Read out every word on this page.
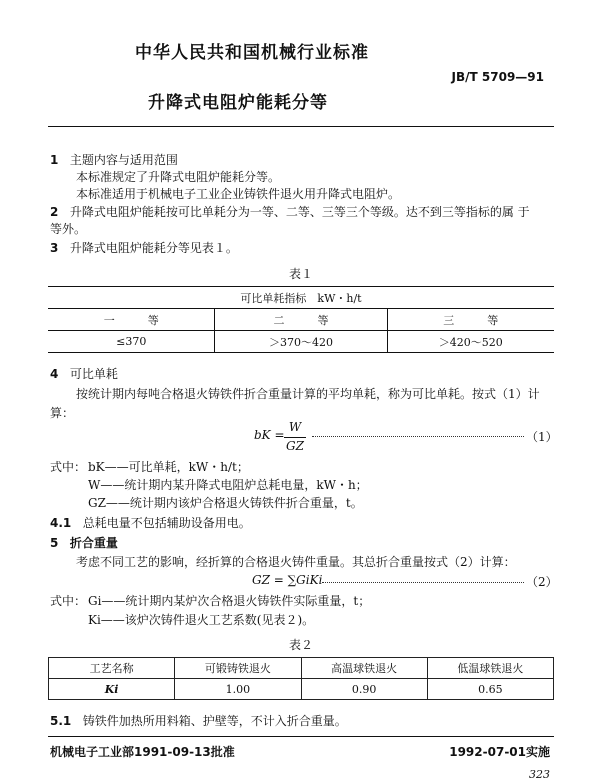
中华人民共和国机械行业标准
JB/T 5709—91
升降式电阻炉能耗分等
1 主题内容与适用范围
本标准规定了升降式电阻炉能耗分等。
本标准适用于机械电子工业企业铸铁件退火用升降式电阻炉。
2 升降式电阻炉能耗按可比单耗分为一等、二等、三等三个等级。达不到三等指标的属 于
等外。
3 升降式电阻炉能耗分等见表１。
表１
可比单耗指标　kW・h/t		
一　　　等	二　　　等	三　　　等
≤370	＞370～420	＞420～520
4 可比单耗
按统计期内每吨合格退火铸铁件折合重量计算的平均单耗，称为可比单耗。按式（1）计
算：
bK =
W
GZ
（1）
式中： bK——可比单耗，kW・h/t；
W——统计期内某升降式电阻炉总耗电量，kW・h；
GZ——统计期内该炉合格退火铸铁件折合重量，t。
4.1 总耗电量不包括辅助设备用电。
5 折合重量
考虑不同工艺的影响，经折算的合格退火铸件重量。其总折合重量按式（2）计算：
GZ = ∑GiKi	（2）
式中： Gi——统计期内某炉次合格退火铸铁件实际重量，t；
Ki——该炉次铸件退火工艺系数(见表２)。
表２
工艺名称	可锻铸铁退火	高温球铁退火	低温球铁退火
Ki	1.00	0.90	0.65
5.1 铸铁件加热所用料箱、护壁等，不计入折合重量。
机械电子工业部1991-09-13批准	1992-07-01实施
323
